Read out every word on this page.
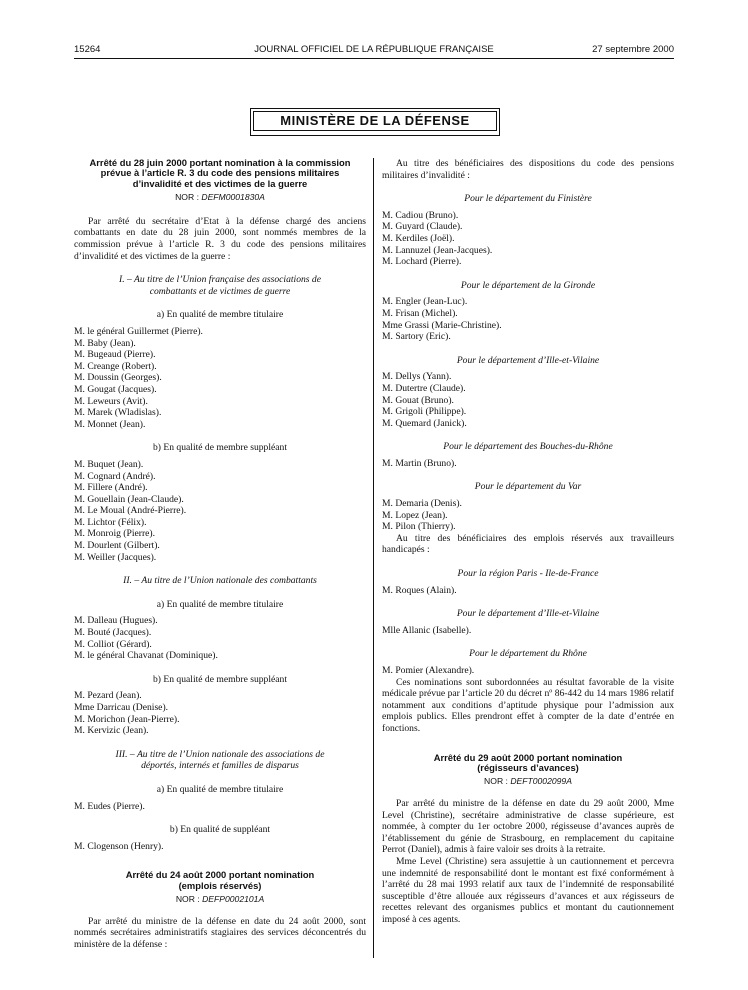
15264	JOURNAL OFFICIEL DE LA RÉPUBLIQUE FRANÇAISE	27 septembre 2000
MINISTÈRE DE LA DÉFENSE

Arrêté du 28 juin 2000 portant nomination à la commission prévue à l’article R. 3 du code des pensions militaires d’invalidité et des victimes de la guerre

NOR : DEFM0001830A

Par arrêté du secrétaire d’Etat à la défense chargé des anciens combattants en date du 28 juin 2000, sont nommés membres de la commission prévue à l’article R. 3 du code des pensions militaires d’invalidité et des victimes de la guerre :

I. – Au titre de l’Union française des associations de combattants et de victimes de guerre

a) En qualité de membre titulaire

M. le général Guillermet (Pierre).

M. Baby (Jean).

M. Bugeaud (Pierre).

M. Creange (Robert).

M. Doussin (Georges).

M. Gougat (Jacques).

M. Leweurs (Avit).

M. Marek (Wladislas).

M. Monnet (Jean).

b) En qualité de membre suppléant

M. Buquet (Jean).

M. Cognard (André).

M. Fillere (André).

M. Gouellain (Jean-Claude).

M. Le Moual (André-Pierre).

M. Lichtor (Félix).

M. Monroig (Pierre).

M. Dourlent (Gilbert).

M. Weiller (Jacques).

II. – Au titre de l’Union nationale des combattants

a) En qualité de membre titulaire

M. Dalleau (Hugues).

M. Bouté (Jacques).

M. Colliot (Gérard).

M. le général Chavanat (Dominique).

b) En qualité de membre suppléant

M. Pezard (Jean).

Mme Darricau (Denise).

M. Morichon (Jean-Pierre).

M. Kervizic (Jean).

III. – Au titre de l’Union nationale des associations de déportés, internés et familles de disparus

a) En qualité de membre titulaire

M. Eudes (Pierre).

b) En qualité de suppléant

M. Clogenson (Henry).

Arrêté du 24 août 2000 portant nomination
(emplois réservés)

NOR : DEFP0002101A

Par arrêté du ministre de la défense en date du 24 août 2000, sont nommés secrétaires administratifs stagiaires des services déconcentrés du ministère de la défense :

Au titre des bénéficiaires des dispositions du code des pensions militaires d’invalidité :

Pour le département du Finistère

M. Cadiou (Bruno).

M. Guyard (Claude).

M. Kerdiles (Joël).

M. Lannuzel (Jean-Jacques).

M. Lochard (Pierre).

Pour le département de la Gironde

M. Engler (Jean-Luc).

M. Frisan (Michel).

Mme Grassi (Marie-Christine).

M. Sartory (Eric).

Pour le département d’Ille-et-Vilaine

M. Dellys (Yann).

M. Dutertre (Claude).

M. Gouat (Bruno).

M. Grigoli (Philippe).

M. Quemard (Janick).

Pour le département des Bouches-du-Rhône

M. Martin (Bruno).

Pour le département du Var

M. Demaria (Denis).

M. Lopez (Jean).

M. Pilon (Thierry).

Au titre des bénéficiaires des emplois réservés aux travailleurs handicapés :

Pour la région Paris - Ile-de-France

M. Roques (Alain).

Pour le département d’Ille-et-Vilaine

Mlle Allanic (Isabelle).

Pour le département du Rhône

M. Pomier (Alexandre).

Ces nominations sont subordonnées au résultat favorable de la visite médicale prévue par l’article 20 du décret nº 86-442 du 14 mars 1986 relatif notamment aux conditions d’aptitude physique pour l’admission aux emplois publics. Elles prendront effet à compter de la date d’entrée en fonctions.

Arrêté du 29 août 2000 portant nomination
(régisseurs d’avances)

NOR : DEFT0002099A

Par arrêté du ministre de la défense en date du 29 août 2000, Mme Level (Christine), secrétaire administrative de classe supérieure, est nommée, à compter du 1er octobre 2000, régisseuse d’avances auprès de l’établissement du génie de Strasbourg, en remplacement du capitaine Perrot (Daniel), admis à faire valoir ses droits à la retraite.

Mme Level (Christine) sera assujettie à un cautionnement et percevra une indemnité de responsabilité dont le montant est fixé conformément à l’arrêté du 28 mai 1993 relatif aux taux de l’indemnité de responsabilité susceptible d’être allouée aux régisseurs d’avances et aux régisseurs de recettes relevant des organismes publics et montant du cautionnement imposé à ces agents.
